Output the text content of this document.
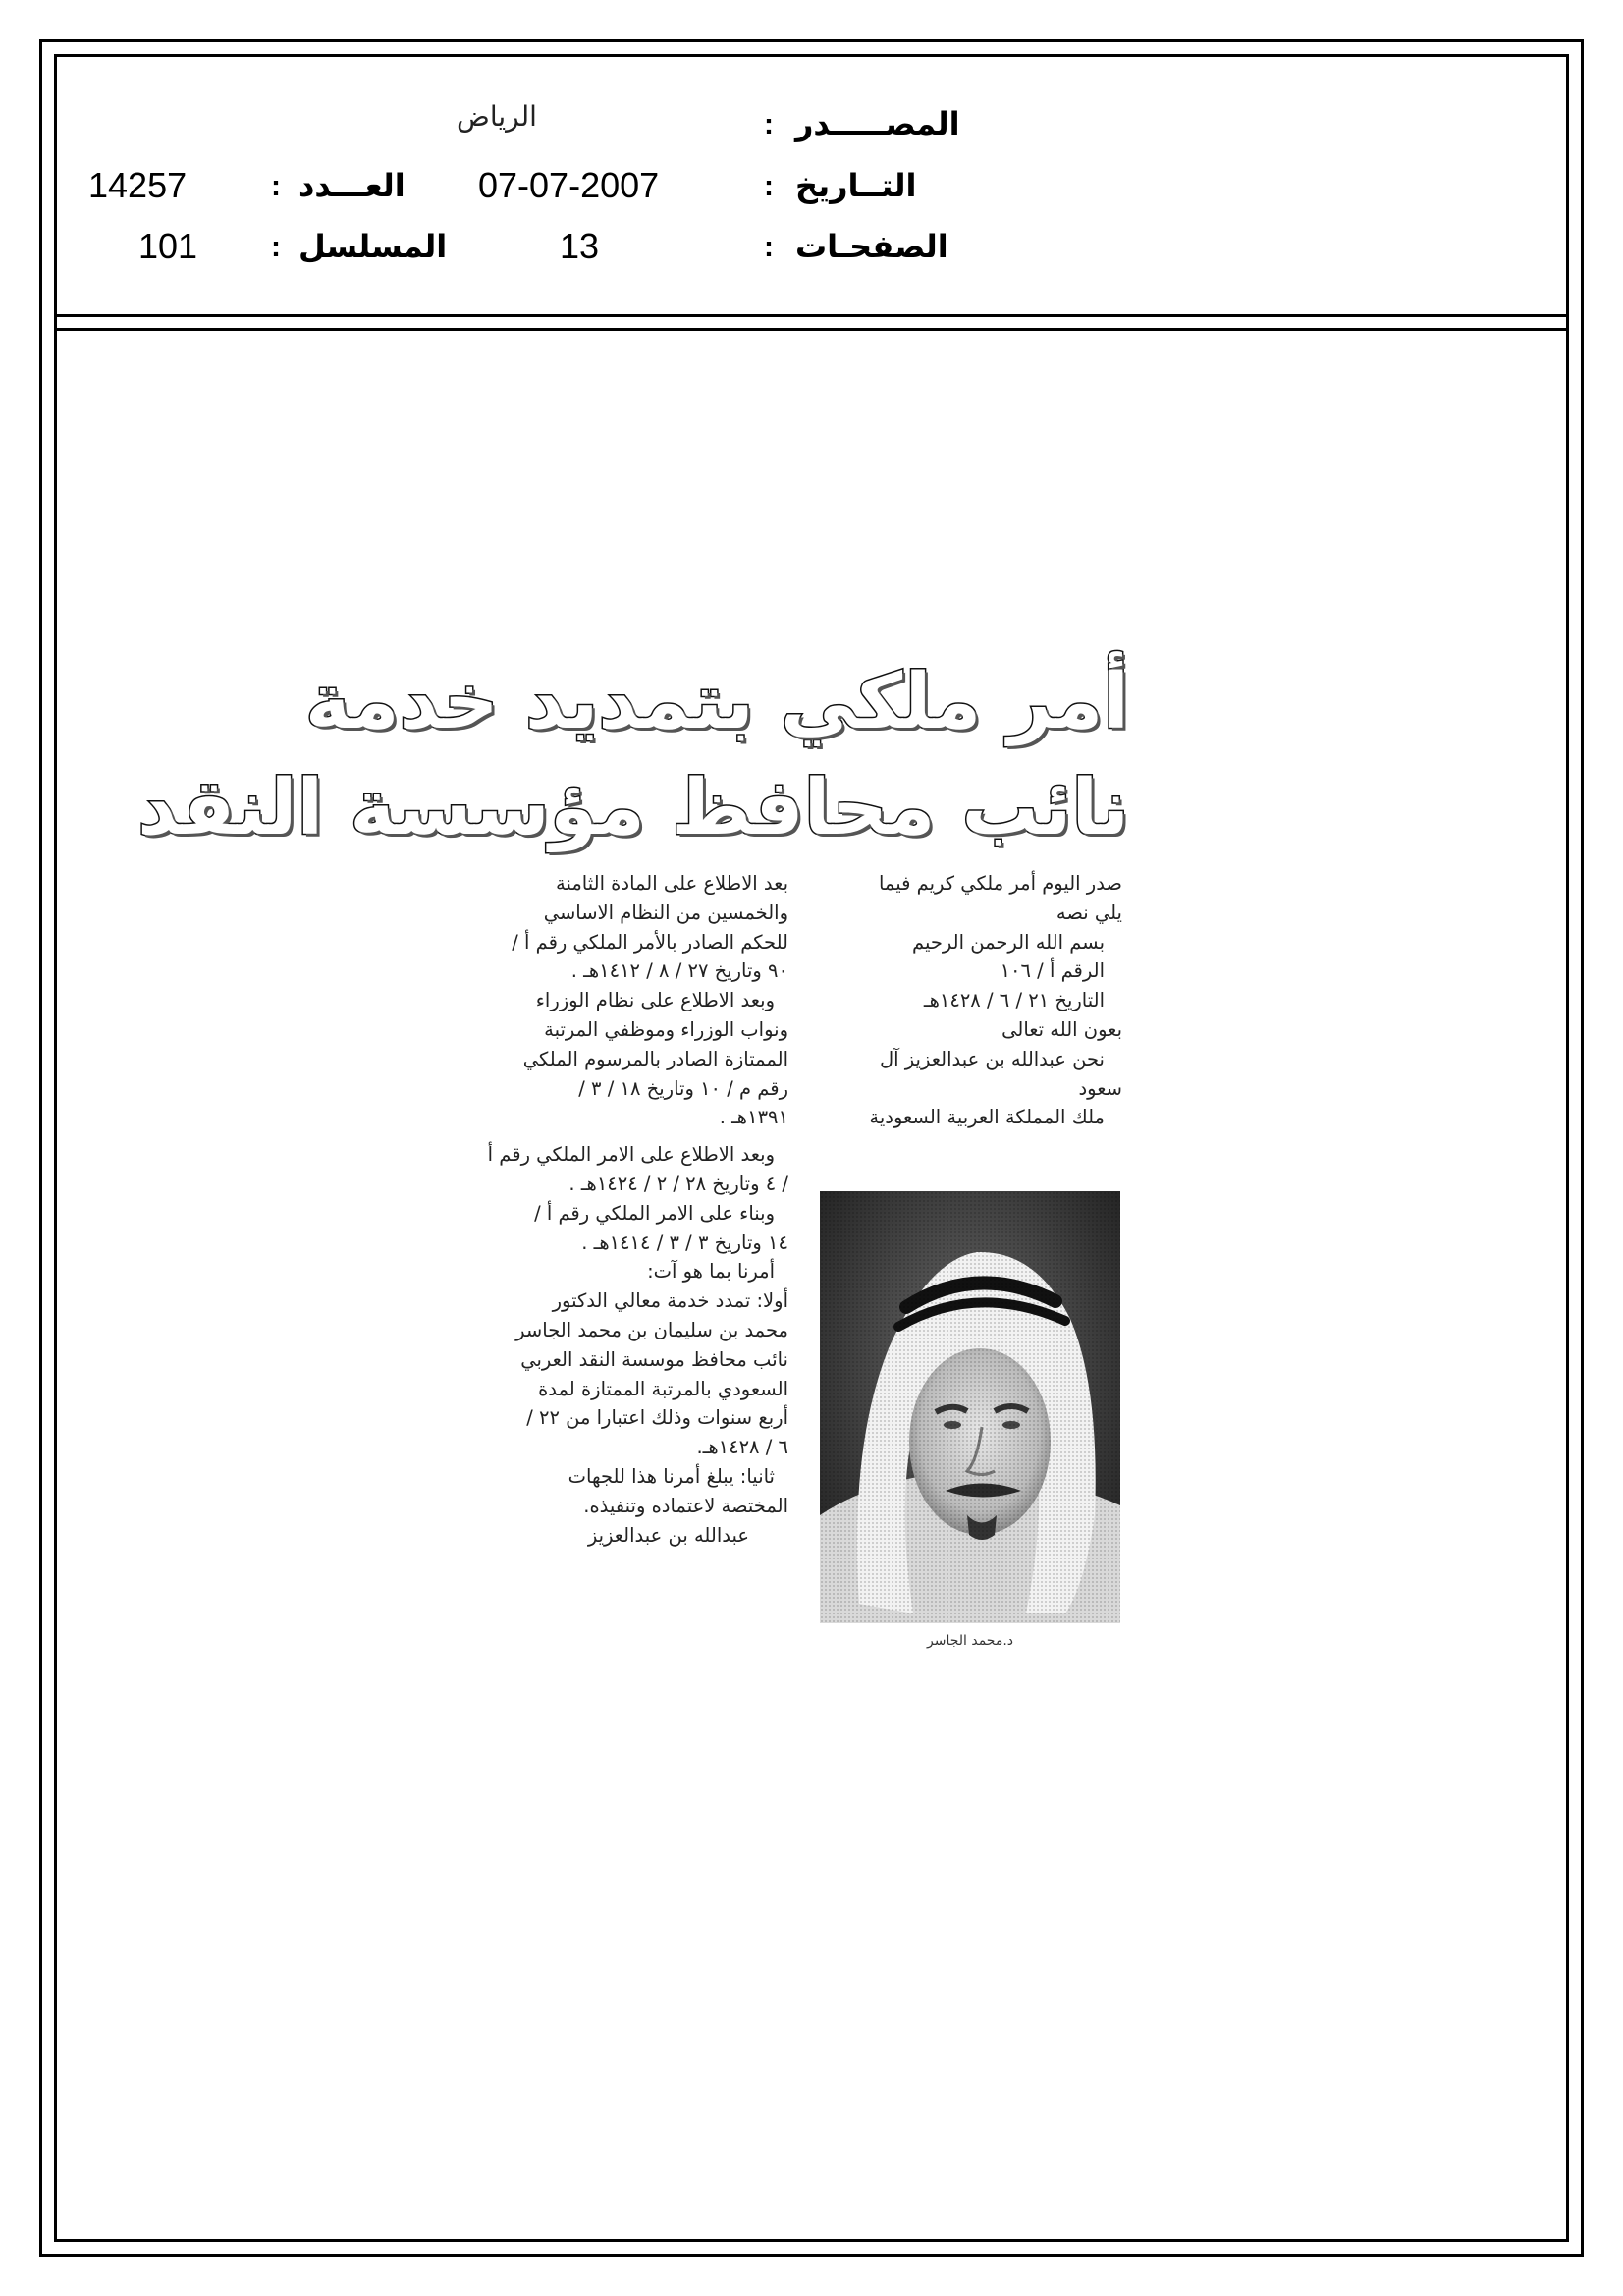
المصـــــدر
:
الرياض
التــاريخ
:
07-07-2007
العـــدد
:
14257
الصفحـات
:
13
المسلسل
:
101
أمر ملكي بتمديد خدمة
نائب محافظ مؤسسة النقد
صدر اليوم أمر ملكي كريم فيما
يلي نصه
بسم الله الرحمن الرحيم
الرقم أ / ١٠٦
التاريخ ٢١ / ٦ / ١٤٢٨هـ
بعون الله تعالى
نحن عبدالله بن عبدالعزيز آل
سعود
ملك المملكة العربية السعودية
د.محمد الجاسر
بعد الاطلاع على المادة الثامنة
والخمسين من النظام الاساسي
للحكم الصادر بالأمر الملكي رقم أ /
٩٠ وتاريخ ٢٧ / ٨ / ١٤١٢هـ .
وبعد الاطلاع على نظام الوزراء
ونواب الوزراء وموظفي المرتبة
الممتازة الصادر بالمرسوم الملكي
رقم م / ١٠ وتاريخ ١٨ / ٣ /
١٣٩١هـ .
وبعد الاطلاع على الامر الملكي رقم أ
/ ٤ وتاريخ ٢٨ / ٢ / ١٤٢٤هـ .
وبناء على الامر الملكي رقم أ /
١٤ وتاريخ ٣ / ٣ / ١٤١٤هـ .
أمرنا بما هو آت:
أولا: تمدد خدمة معالي الدكتور
محمد بن سليمان بن محمد الجاسر
نائب محافظ موسسة النقد العربي
السعودي بالمرتبة الممتازة لمدة
أربع سنوات وذلك اعتبارا من ٢٢ /
٦ / ١٤٢٨هـ.
ثانيا: يبلغ أمرنا هذا للجهات
المختصة لاعتماده وتنفيذه.
عبدالله بن عبدالعزيز
